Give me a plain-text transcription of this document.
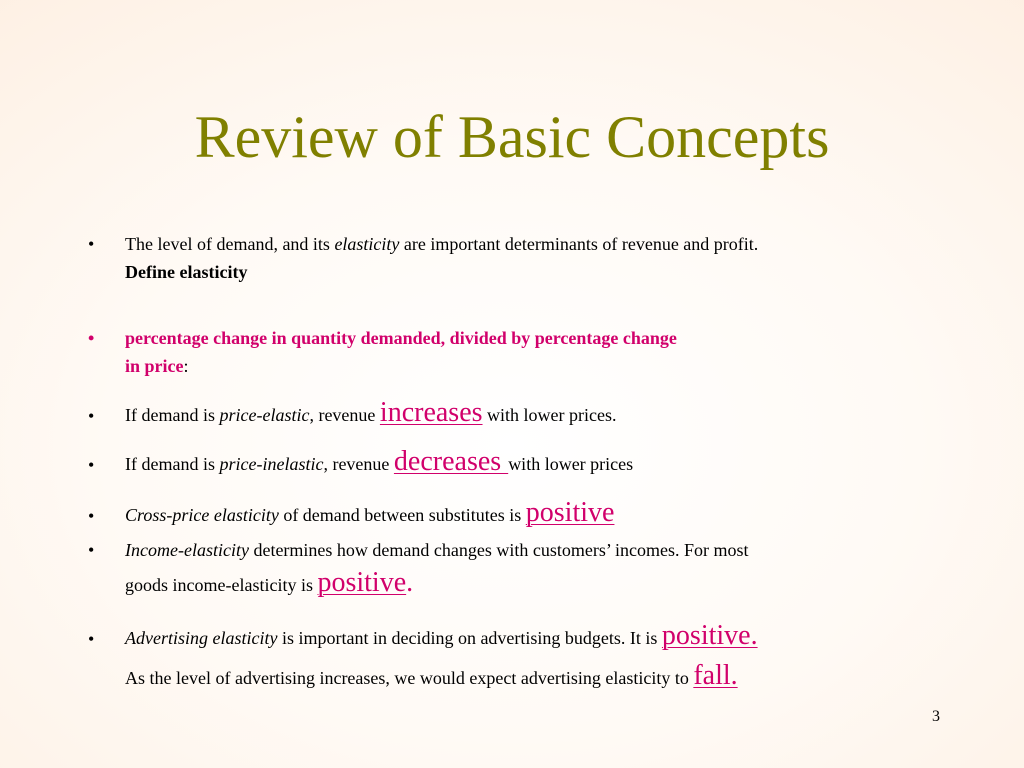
Review of Basic Concepts
•	The level of demand, and its elasticity are important determinants of revenue and profit.
Define elasticity
•	percentage change in quantity demanded, divided by percentage change
in price:
•	If demand is price-elastic, revenue increases with lower prices.
•	If demand is price-inelastic, revenue decreases with lower prices
•	Cross-price elasticity of demand between substitutes is positive
•	Income-elasticity determines how demand changes with customers’ incomes. For most
goods income-elasticity is positive.
•	Advertising elasticity is important in deciding on advertising budgets. It is positive.
As the level of advertising increases, we would expect advertising elasticity to fall.
3
